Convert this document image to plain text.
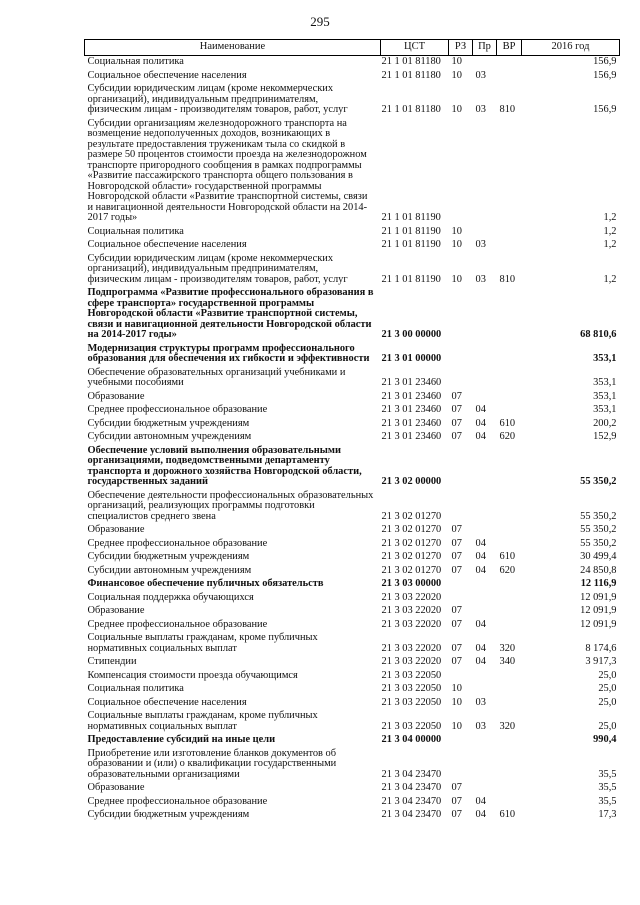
295
Наименование	ЦСТ	РЗ	Пр	ВР	2016 год
Социальная политика	21 1 01 81180	10			156,9
Социальное обеспечение населения	21 1 01 81180	10	03		156,9
Субсидии юридическим лицам (кроме некоммерческих организаций), индивидуальным предпринимателям, физическим лицам - производителям товаров, работ, услуг	21 1 01 81180	10	03	810	156,9
Субсидии организациям железнодорожного транспорта на возмещение недополученных доходов, возникающих в результате предоставления труженикам тыла со скидкой в размере 50 процентов стоимости проезда на железнодорожном транспорте пригородного сообщения в рамках подпрограммы «Развитие пассажирского транспорта общего пользования в Новгородской области» государственной программы Новгородской области «Развитие транспортной системы, связи и навигационной деятельности Новгородской области на 2014-2017 годы»	21 1 01 81190				1,2
Социальная политика	21 1 01 81190	10			1,2
Социальное обеспечение населения	21 1 01 81190	10	03		1,2
Субсидии юридическим лицам (кроме некоммерческих организаций), индивидуальным предпринимателям, физическим лицам - производителям товаров, работ, услуг	21 1 01 81190	10	03	810	1,2
Подпрограмма «Развитие профессионального образования в сфере транспорта» государственной программы Новгородской области «Развитие транспортной системы, связи и навигационной деятельности Новгородской области на 2014-2017 годы»	21 3 00 00000				68 810,6
Модернизация структуры программ профессионального образования для обеспечения их гибкости и эффективности	21 3 01 00000				353,1
Обеспечение образовательных организаций учебниками и учебными пособиями	21 3 01 23460				353,1
Образование	21 3 01 23460	07			353,1
Среднее профессиональное образование	21 3 01 23460	07	04		353,1
Субсидии бюджетным учреждениям	21 3 01 23460	07	04	610	200,2
Субсидии автономным учреждениям	21 3 01 23460	07	04	620	152,9
Обеспечение условий выполнения образовательными организациями, подведомственными департаменту транспорта и дорожного хозяйства Новгородской области, государственных заданий	21 3 02 00000				55 350,2
Обеспечение деятельности профессиональных образовательных организаций, реализующих программы подготовки специалистов среднего звена	21 3 02 01270				55 350,2
Образование	21 3 02 01270	07			55 350,2
Среднее профессиональное образование	21 3 02 01270	07	04		55 350,2
Субсидии бюджетным учреждениям	21 3 02 01270	07	04	610	30 499,4
Субсидии автономным учреждениям	21 3 02 01270	07	04	620	24 850,8
Финансовое обеспечение публичных обязательств	21 3 03 00000				12 116,9
Социальная поддержка обучающихся	21 3 03 22020				12 091,9
Образование	21 3 03 22020	07			12 091,9
Среднее профессиональное образование	21 3 03 22020	07	04		12 091,9
Социальные выплаты гражданам, кроме публичных нормативных социальных выплат	21 3 03 22020	07	04	320	8 174,6
Стипендии	21 3 03 22020	07	04	340	3 917,3
Компенсация стоимости проезда обучающимся	21 3 03 22050				25,0
Социальная политика	21 3 03 22050	10			25,0
Социальное обеспечение населения	21 3 03 22050	10	03		25,0
Социальные выплаты гражданам, кроме публичных нормативных социальных выплат	21 3 03 22050	10	03	320	25,0
Предоставление субсидий на иные цели	21 3 04 00000				990,4
Приобретение или изготовление бланков документов об образовании и (или) о квалификации государственными образовательными организациями	21 3 04 23470				35,5
Образование	21 3 04 23470	07			35,5
Среднее профессиональное образование	21 3 04 23470	07	04		35,5
Субсидии бюджетным учреждениям	21 3 04 23470	07	04	610	17,3
